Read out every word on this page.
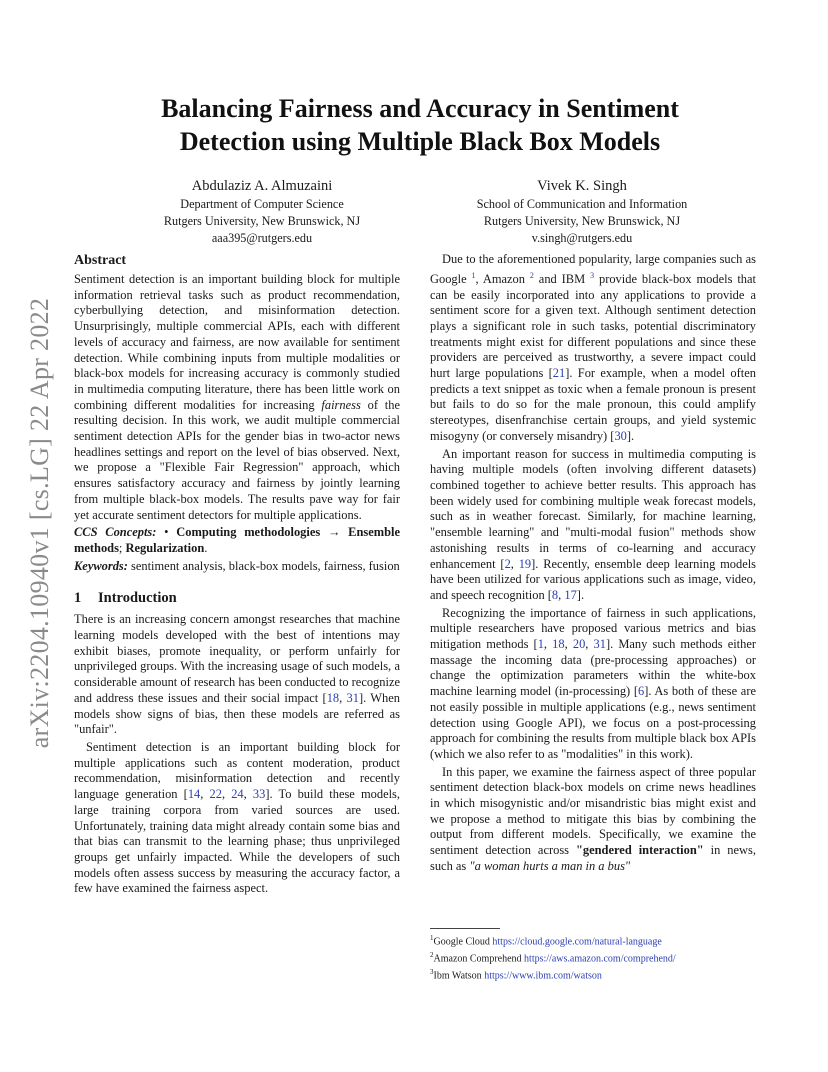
arXiv:2204.10940v1 [cs.LG] 22 Apr 2022
Balancing Fairness and Accuracy in Sentiment
Detection using Multiple Black Box Models
Abdulaziz A. Almuzaini
Department of Computer Science
Rutgers University, New Brunswick, NJ
aaa395@rutgers.edu
Vivek K. Singh
School of Communication and Information
Rutgers University, New Brunswick, NJ
v.singh@rutgers.edu
Abstract

Sentiment detection is an important building block for multiple information retrieval tasks such as product recommendation, cyberbullying detection, and misinformation detection. Unsurprisingly, multiple commercial APIs, each with different levels of accuracy and fairness, are now available for sentiment detection. While combining inputs from multiple modalities or black-box models for increasing accuracy is commonly studied in multimedia computing literature, there has been little work on combining different modalities for increasing fairness of the resulting decision. In this work, we audit multiple commercial sentiment detection APIs for the gender bias in two-actor news headlines settings and report on the level of bias observed. Next, we propose a "Flexible Fair Regression" approach, which ensures satisfactory accuracy and fairness by jointly learning from multiple black-box models. The results pave way for fair yet accurate sentiment detectors for multiple applications.

CCS Concepts: • Computing methodologies → Ensemble methods; Regularization.

Keywords: sentiment analysis, black-box models, fairness, fusion

1 Introduction

There is an increasing concern amongst researches that machine learning models developed with the best of intentions may exhibit biases, promote inequality, or perform unfairly for unprivileged groups. With the increasing usage of such models, a considerable amount of research has been conducted to recognize and address these issues and their social impact [18, 31]. When models show signs of bias, then these models are referred as "unfair".

Sentiment detection is an important building block for multiple applications such as content moderation, product recommendation, misinformation detection and recently language generation [14, 22, 24, 33]. To build these models, large training corpora from varied sources are used. Unfortunately, training data might already contain some bias and that bias can transmit to the learning phase; thus unprivileged groups get unfairly impacted. While the developers of such models often assess success by measuring the accuracy factor, a few have examined the fairness aspect.

Due to the aforementioned popularity, large companies such as Google $^1$, Amazon $^2$ and IBM $^3$ provide black-box models that can be easily incorporated into any applications to provide a sentiment score for a given text. Although sentiment detection plays a significant role in such tasks, potential discriminatory treatments might exist for different populations and since these providers are perceived as trustworthy, a severe impact could hurt large populations [21]. For example, when a model often predicts a text snippet as toxic when a female pronoun is present but fails to do so for the male pronoun, this could amplify stereotypes, disenfranchise certain groups, and yield systemic misogyny (or conversely misandry) [30].

An important reason for success in multimedia computing is having multiple models (often involving different datasets) combined together to achieve better results. This approach has been widely used for combining multiple weak forecast models, such as in weather forecast. Similarly, for machine learning, "ensemble learning" and "multi-modal fusion" methods show astonishing results in terms of co-learning and accuracy enhancement [2, 19]. Recently, ensemble deep learning models have been utilized for various applications such as image, video, and speech recognition [8, 17].

Recognizing the importance of fairness in such applications, multiple researchers have proposed various metrics and bias mitigation methods [1, 18, 20, 31]. Many such methods either massage the incoming data (pre-processing approaches) or change the optimization parameters within the white-box machine learning model (in-processing) [6]. As both of these are not easily possible in multiple applications (e.g., news sentiment detection using Google API), we focus on a post-processing approach for combining the results from multiple black box APIs (which we also refer to as "modalities" in this work).

In this paper, we examine the fairness aspect of three popular sentiment detection black-box models on crime news headlines in which misogynistic and/or misandristic bias might exist and we propose a method to mitigate this bias by combining the output from different models. Specifically, we examine the sentiment detection across "gendered interaction" in news, such as "a woman hurts a man in a bus"

$^1$Google Cloud https://cloud.google.com/natural-language
$^2$Amazon Comprehend https://aws.amazon.com/comprehend/
$^3$Ibm Watson https://www.ibm.com/watson
